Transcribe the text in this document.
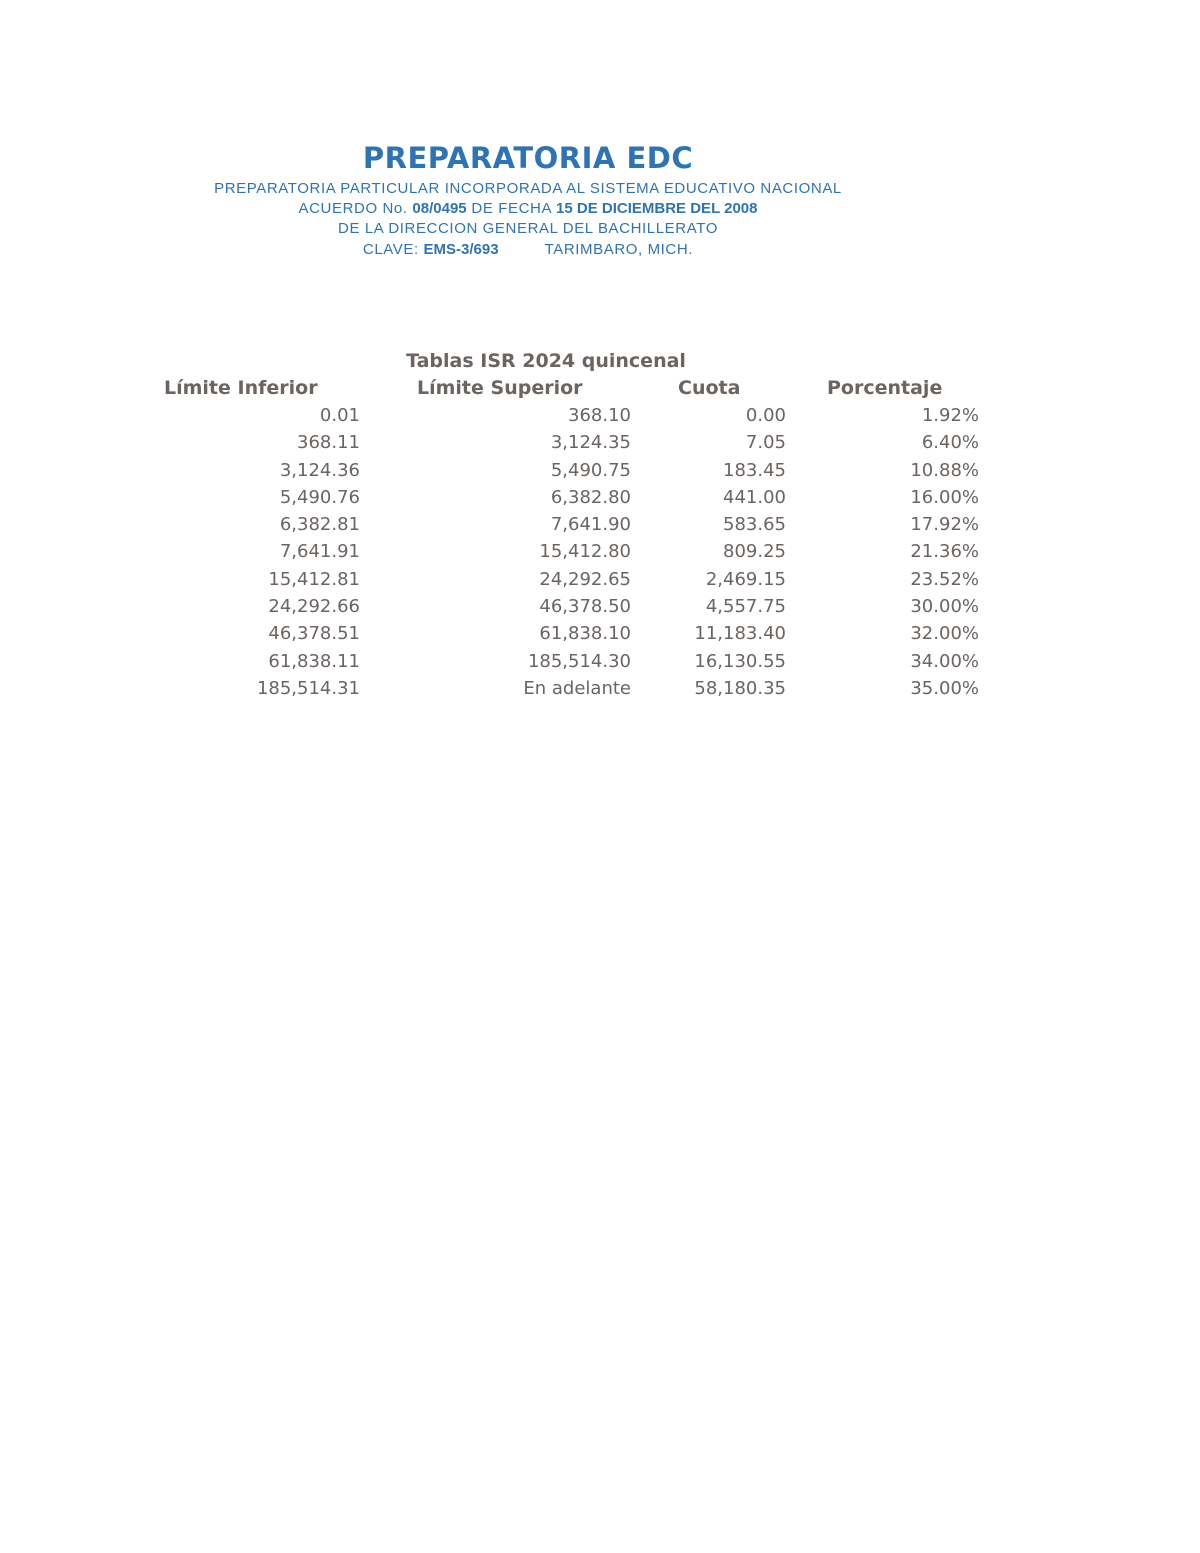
PREPARATORIA EDC
PREPARATORIA PARTICULAR INCORPORADA AL SISTEMA EDUCATIVO NACIONAL
ACUERDO No. 08/0495 DE FECHA 15 DE DICIEMBRE DEL 2008
DE LA DIRECCION GENERAL DEL BACHILLERATO
CLAVE: EMS-3/693	TARIMBARO, MICH.
Tablas ISR 2024 quincenal
Límite Inferior	Límite Superior	Cuota	Porcentaje
0.01	368.10	0.00	1.92%
368.11	3,124.35	7.05	6.40%
3,124.36	5,490.75	183.45	10.88%
5,490.76	6,382.80	441.00	16.00%
6,382.81	7,641.90	583.65	17.92%
7,641.91	15,412.80	809.25	21.36%
15,412.81	24,292.65	2,469.15	23.52%
24,292.66	46,378.50	4,557.75	30.00%
46,378.51	61,838.10	11,183.40	32.00%
61,838.11	185,514.30	16,130.55	34.00%
185,514.31	En adelante	58,180.35	35.00%
